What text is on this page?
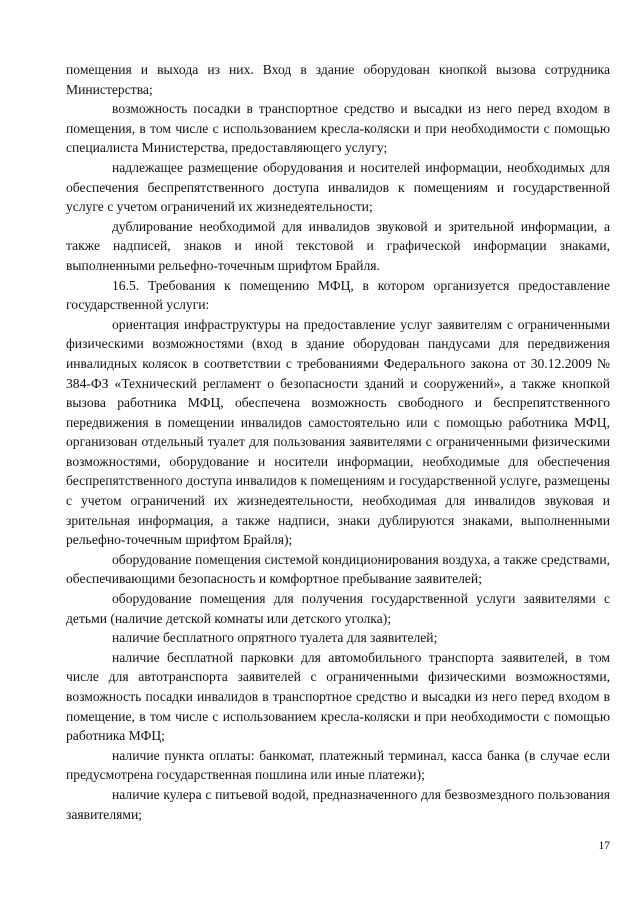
помещения и выхода из них. Вход в здание оборудован кнопкой вызова сотрудника Министерства;

возможность посадки в транспортное средство и высадки из него перед входом в помещения, в том числе с использованием кресла-коляски и при необходимости с помощью специалиста Министерства, предоставляющего услугу;

надлежащее размещение оборудования и носителей информации, необходимых для обеспечения беспрепятственного доступа инвалидов к помещениям и государственной услуге с учетом ограничений их жизнедеятельности;

дублирование необходимой для инвалидов звуковой и зрительной информации, а также надписей, знаков и иной текстовой и графической информации знаками, выполненными рельефно-точечным шрифтом Брайля.

16.5. Требования к помещению МФЦ, в котором организуется предоставление государственной услуги:

ориентация инфраструктуры на предоставление услуг заявителям с ограниченными физическими возможностями (вход в здание оборудован пандусами для передвижения инвалидных колясок в соответствии с требованиями Федерального закона от 30.12.2009 № 384-ФЗ «Технический регламент о безопасности зданий и сооружений», а также кнопкой вызова работника МФЦ, обеспечена возможность свободного и беспрепятственного передвижения в помещении инвалидов самостоятельно или с помощью работника МФЦ, организован отдельный туалет для пользования заявителями с ограниченными физическими возможностями, оборудование и носители информации, необходимые для обеспечения беспрепятственного доступа инвалидов к помещениям и государственной услуге, размещены с учетом ограничений их жизнедеятельности, необходимая для инвалидов звуковая и зрительная информация, а также надписи, знаки дублируются знаками, выполненными рельефно-точечным шрифтом Брайля);

оборудование помещения системой кондиционирования воздуха, а также средствами, обеспечивающими безопасность и комфортное пребывание заявителей;

оборудование помещения для получения государственной услуги заявителями с детьми (наличие детской комнаты или детского уголка);

наличие бесплатного опрятного туалета для заявителей;

наличие бесплатной парковки для автомобильного транспорта заявителей, в том числе для автотранспорта заявителей с ограниченными физическими возможностями, возможность посадки инвалидов в транспортное средство и высадки из него перед входом в помещение, в том числе с использованием кресла-коляски и при необходимости с помощью работника МФЦ;

наличие пункта оплаты: банкомат, платежный терминал, касса банка (в случае если предусмотрена государственная пошлина или иные платежи);

наличие кулера с питьевой водой, предназначенного для безвозмездного пользования заявителями;

17
